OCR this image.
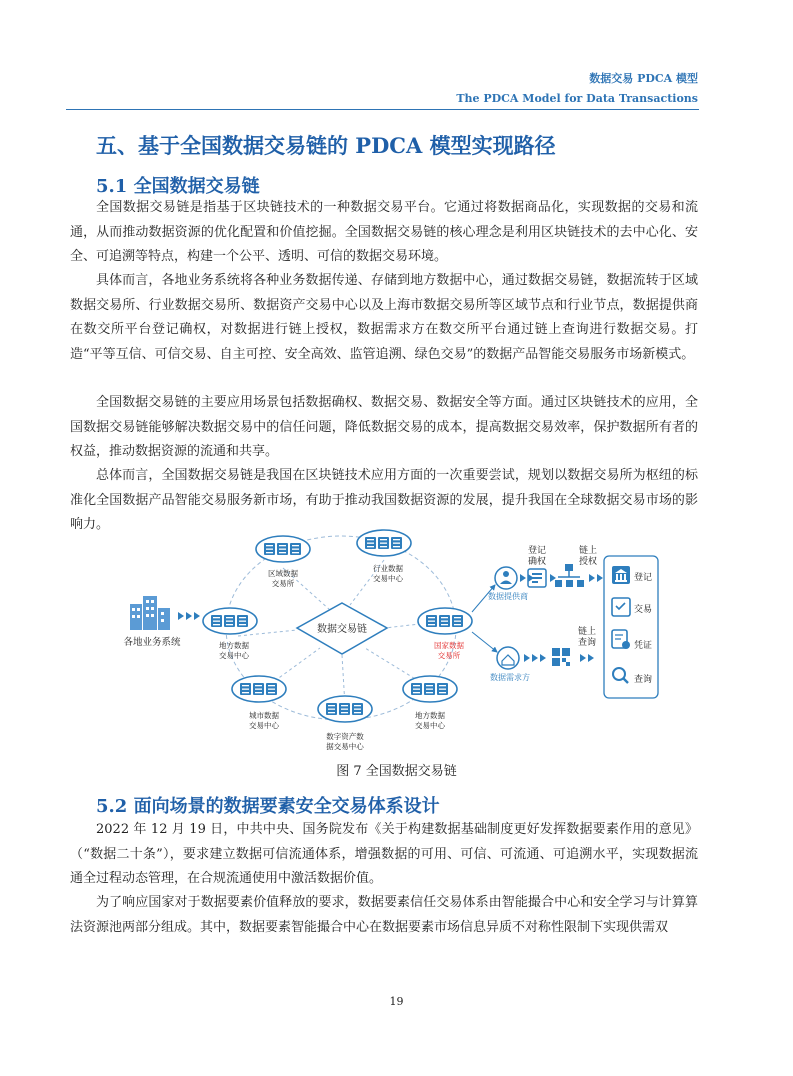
数据交易 PDCA 模型
The PDCA Model for Data Transactions
五、基于全国数据交易链的 PDCA 模型实现路径
5.1 全国数据交易链

全国数据交易链是指基于区块链技术的一种数据交易平台。它通过将数据商品化，实现数据的交易和流通，从而推动数据资源的优化配置和价值挖掘。全国数据交易链的核心理念是利用区块链技术的去中心化、安全、可追溯等特点，构建一个公平、透明、可信的数据交易环境。

具体而言，各地业务系统将各种业务数据传递、存储到地方数据中心，通过数据交易链，数据流转于区域数据交易所、行业数据交易所、数据资产交易中心以及上海市数据交易所等区域节点和行业节点，数据提供商在数交所平台登记确权，对数据进行链上授权，数据需求方在数交所平台通过链上查询进行数据交易。打造“平等互信、可信交易、自主可控、安全高效、监管追溯、绿色交易”的数据产品智能交易服务市场新模式。

全国数据交易链的主要应用场景包括数据确权、数据交易、数据安全等方面。通过区块链技术的应用，全国数据交易链能够解决数据交易中的信任问题，降低数据交易的成本，提高数据交易效率，保护数据所有者的权益，推动数据资源的流通和共享。

总体而言，全国数据交易链是我国在区块链技术应用方面的一次重要尝试，规划以数据交易所为枢纽的标准化全国数据产品智能交易服务新市场，有助于推动我国数据资源的发展，提升我国在全球数据交易市场的影响力。

数据交易链
各地业务系统
区域数据
交易所
行业数据
交易中心
国家数据
交易所
地方数据
交易中心
城市数据
交易中心
数字资产数
据交易中心
地方数据
交易中心
数据提供商
登记
确权
链上
授权
数据需求方
链上
查询
登记
交易
凭证
查询
图 7 全国数据交易链
5.2 面向场景的数据要素安全交易体系设计

2022 年 12 月 19 日，中共中央、国务院发布《关于构建数据基础制度更好发挥数据要素作用的意见》（“数据二十条”），要求建立数据可信流通体系，增强数据的可用、可信、可流通、可追溯水平，实现数据流通全过程动态管理，在合规流通使用中激活数据价值。

为了响应国家对于数据要素价值释放的要求，数据要素信任交易体系由智能撮合中心和安全学习与计算算法资源池两部分组成。其中，数据要素智能撮合中心在数据要素市场信息异质不对称性限制下实现供需双

19
